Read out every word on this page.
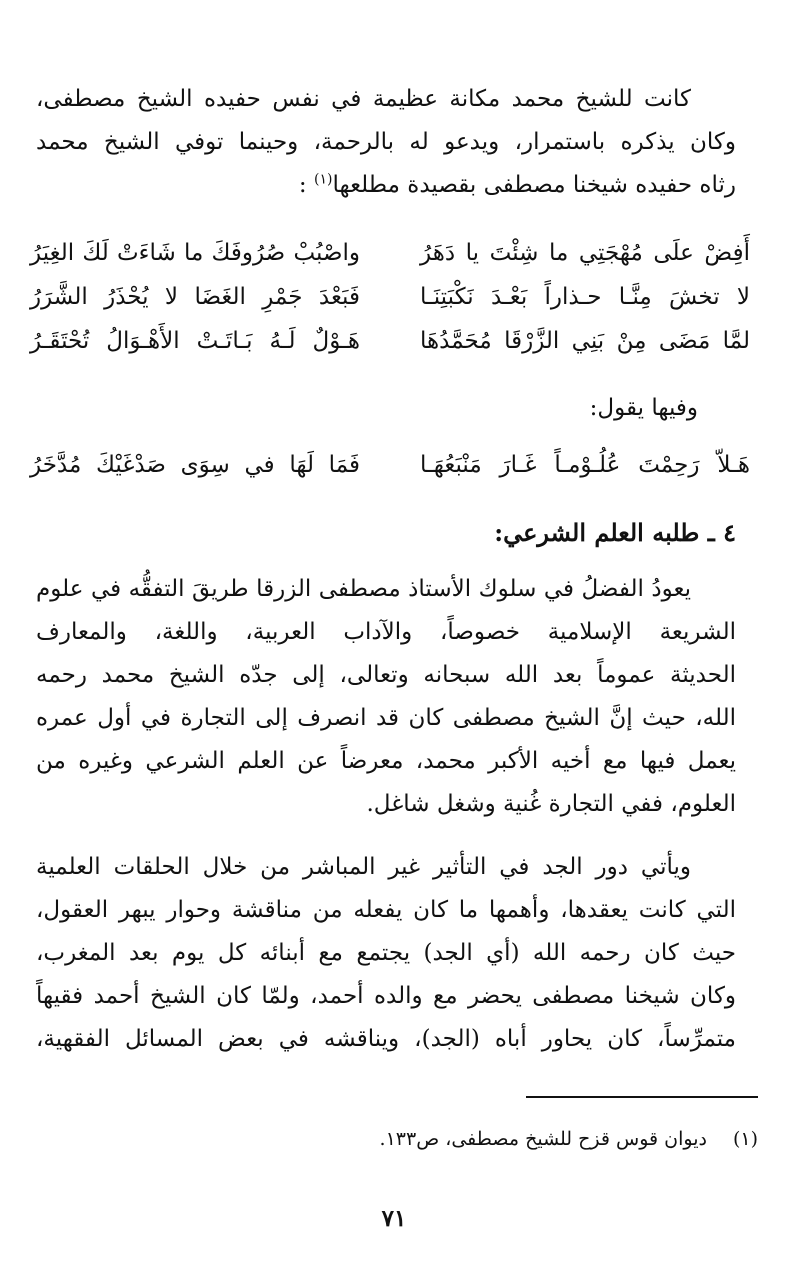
كانت للشيخ محمد مكانة عظيمة في نفس حفيده الشيخ مصطفى،
وكان يذكره باستمرار، ويدعو له بالرحمة، وحينما توفي الشيخ محمد
رثاه حفيده شيخنا مصطفى بقصيدة مطلعها$^{(١)}$ :
أَفِضْ علَى مُهْجَتِي ما شِئْتَ يا دَهَرُ
واصْبُبْ صُرُوفَكَ ما شَاءَتْ لَكَ الغِيَرُ
لا تخشَ مِنَّـا حـذاراً بَعْـدَ نَكْبَتِنَـا
فَبَعْدَ جَمْرِ الغَضَا لا يُحْذَرُ الشَّرَرُ
لمَّا مَضَى مِنْ بَنِي الزَّرْقَا مُحَمَّدُهَا
هَـوْلٌ لَـهُ بَـاتَـتْ الأَهْـوَالُ تُحْتَقَـرُ
وفيها يقول:
هَـلاّ رَحِمْتَ عُلُـوْمـاً غَـارَ مَنْبَعُهَـا
فَمَا لَهَا في سِوَى صَدْغَيْكَ مُدَّخَرُ
٤ ـ طلبه العلم الشرعي:
يعودُ الفضلُ في سلوك الأستاذ مصطفى الزرقا طريقَ التفقُّه في علوم
الشريعة الإسلامية خصوصاً، والآداب العربية، واللغة، والمعارف
الحديثة عموماً بعد الله سبحانه وتعالى، إلى جدّه الشيخ محمد رحمه
الله، حيث إنَّ الشيخ مصطفى كان قد انصرف إلى التجارة في أول عمره
يعمل فيها مع أخيه الأكبر محمد، معرضاً عن العلم الشرعي وغيره من
العلوم، ففي التجارة غُنية وشغل شاغل.
ويأتي دور الجد في التأثير غير المباشر من خلال الحلقات العلمية
التي كانت يعقدها، وأهمها ما كان يفعله من مناقشة وحوار يبهر العقول،
حيث كان رحمه الله (أي الجد) يجتمع مع أبنائه كل يوم بعد المغرب،
وكان شيخنا مصطفى يحضر مع والده أحمد، ولمّا كان الشيخ أحمد فقيهاً
متمرِّساً، كان يحاور أباه (الجد)، ويناقشه في بعض المسائل الفقهية،
(١)ديوان قوس قزح للشيخ مصطفى، ص١٣٣.
٧١
